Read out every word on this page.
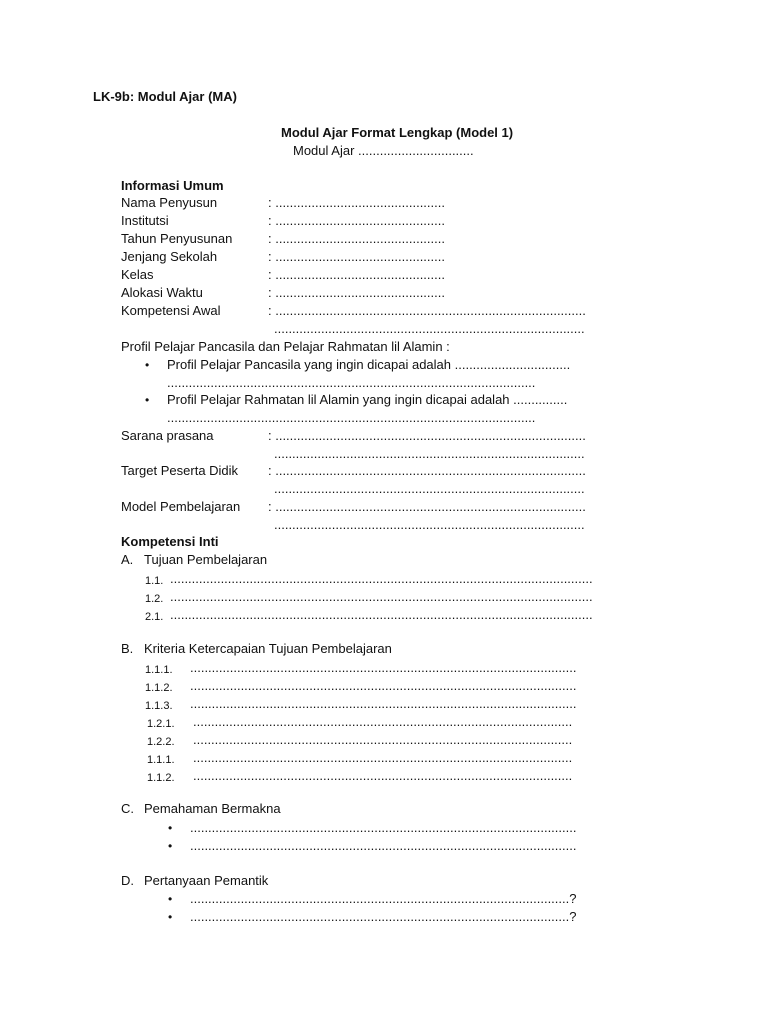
LK-9b: Modul Ajar (MA)
Modul Ajar Format Lengkap (Model 1)
Modul Ajar ................................
Informasi Umum
Nama Penyusun	: ...............................................
Institutsi	: ...............................................
Tahun Penyusunan	: ...............................................
Jenjang Sekolah	: ...............................................
Kelas	: ...............................................
Alokasi Waktu	: ...............................................
Kompetensi Awal	: ......................................................................................
......................................................................................
Profil Pelajar Pancasila dan Pelajar Rahmatan lil Alamin :
• Profil Pelajar Pancasila yang ingin dicapai adalah ................................
......................................................................................................
• Profil Pelajar Rahmatan lil Alamin yang ingin dicapai adalah ...............
......................................................................................................
Sarana prasana	: ......................................................................................
......................................................................................
Target Peserta Didik : ......................................................................................
......................................................................................
Model Pembelajaran : ......................................................................................
......................................................................................
Kompetensi Inti
A. Tujuan Pembelajaran
1.1. .....................................................................................................................
1.2. .....................................................................................................................
2.1. .....................................................................................................................
B. Kriteria Ketercapaian Tujuan Pembelajaran
1.1.1. ...........................................................................................................
1.1.2. ...........................................................................................................
1.1.3. ...........................................................................................................
1.2.1. .........................................................................................................
1.2.2. .........................................................................................................
1.1.1. .........................................................................................................
1.1.2. .........................................................................................................
C. Pemahaman Bermakna
• ...........................................................................................................
• ...........................................................................................................
D. Pertanyaan Pemantik
• .........................................................................................................?
• .........................................................................................................?
